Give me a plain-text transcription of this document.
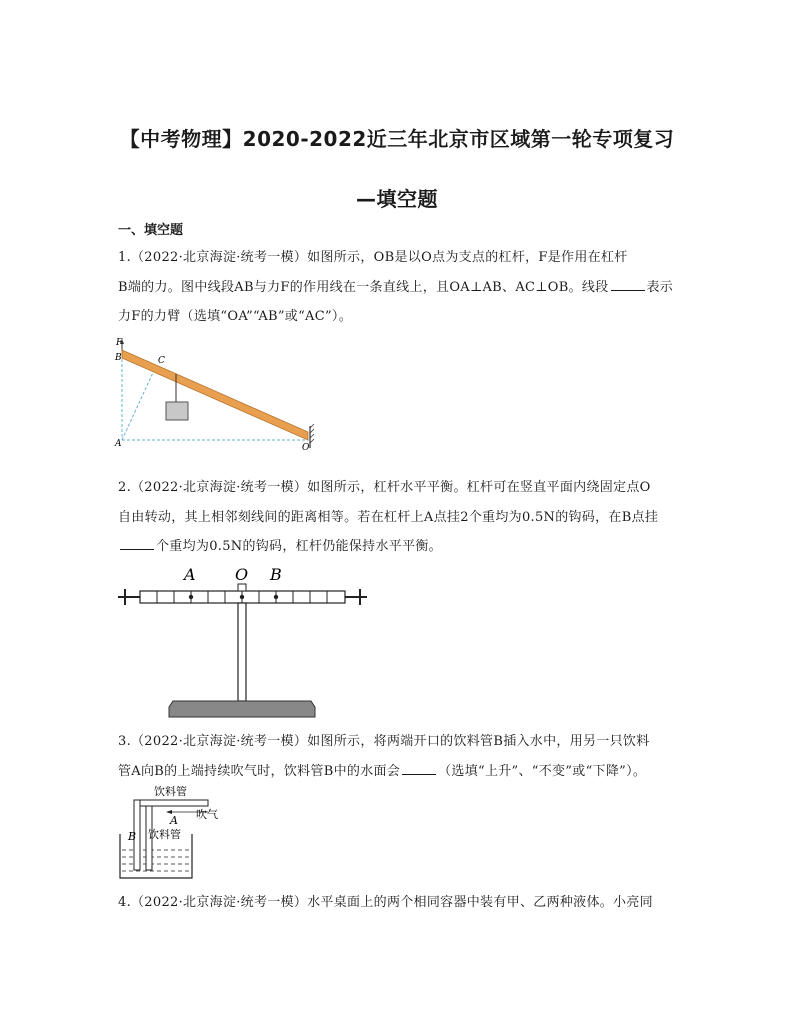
【中考物理】2020-2022近三年北京市区域第一轮专项复习
—填空题
一、填空题
1.（2022·北京海淀·统考一模）如图所示，OB是以O点为支点的杠杆，F是作用在杠杆
B端的力。图中线段AB与力F的作用线在一条直线上，且OA⊥AB、AC⊥OB。线段	表示
力F的力臂（选填“OA”“AB”或“AC”）。
F
B	C
A	O
2.（2022·北京海淀·统考一模）如图所示，杠杆水平平衡。杠杆可在竖直平面内绕固定点O
自由转动，其上相邻刻线间的距离相等。若在杠杆上A点挂2个重均为0.5N的钩码，在B点挂
个重均为0.5N的钩码，杠杆仍能保持水平平衡。
A O B
3.（2022·北京海淀·统考一模）如图所示，将两端开口的饮料管B插入水中，用另一只饮料
管A向B的上端持续吹气时，饮料管B中的水面会	（选填“上升”、“不变”或“下降”）。
饮料管
吹气
A
B 饮料管
4.（2022·北京海淀·统考一模）水平桌面上的两个相同容器中装有甲、乙两种液体。小亮同
